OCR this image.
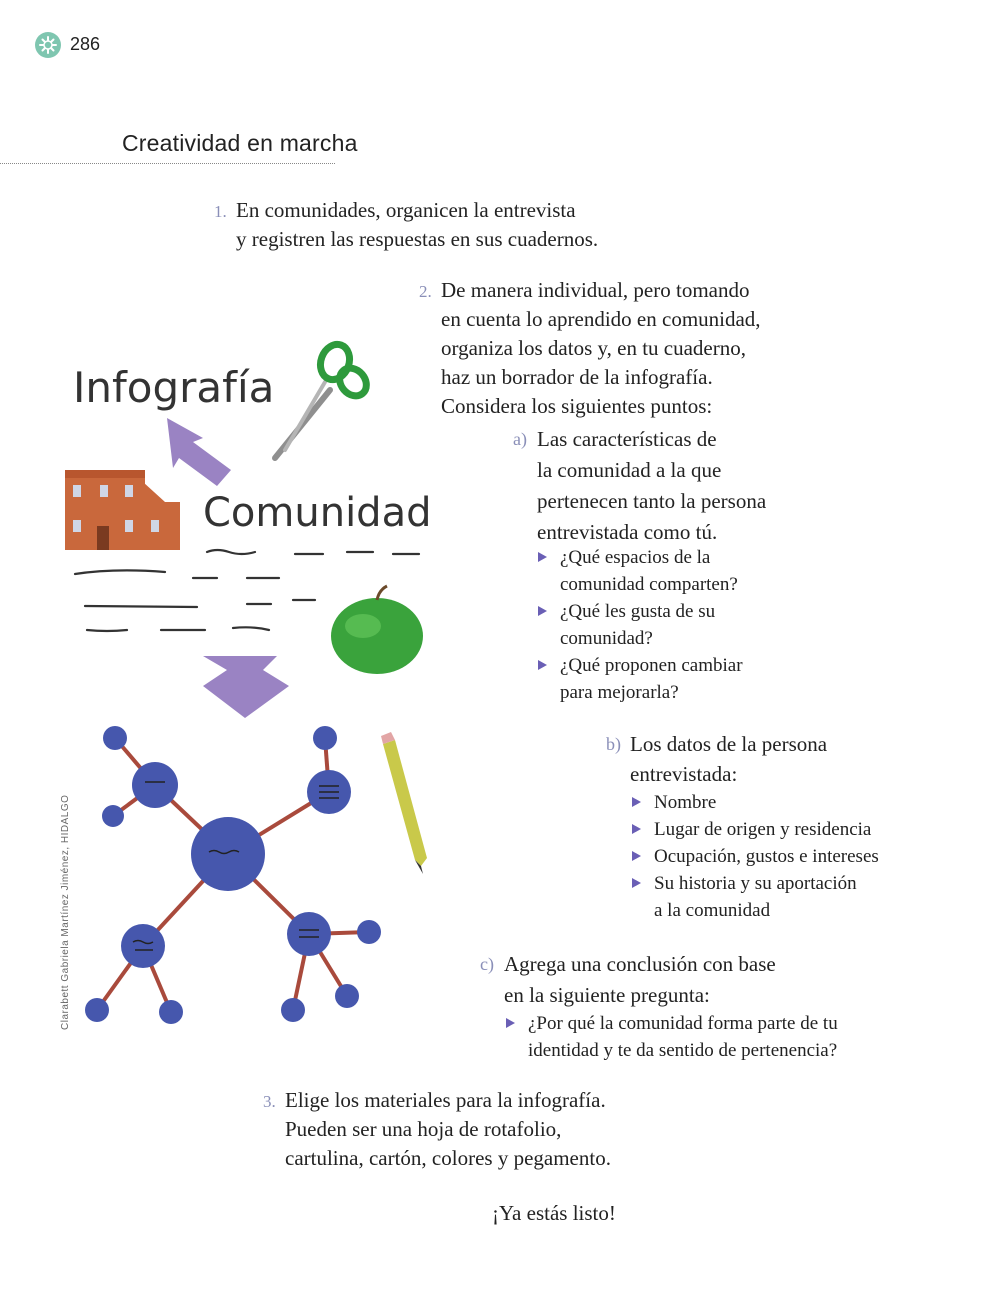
286
Creatividad en marcha
1. En comunidades, organicen la entrevista
y registren las respuestas en sus cuadernos.
2. De manera individual, pero tomando
en cuenta lo aprendido en comunidad,
organiza los datos y, en tu cuaderno,
haz un borrador de la infografía.
Considera los siguientes puntos:
a) Las características de
la comunidad a la que
pertenecen tanto la persona
entrevistada como tú.
¿Qué espacios de la
comunidad comparten?
¿Qué les gusta de su
comunidad?
¿Qué proponen cambiar
para mejorarla?
b) Los datos de la persona
entrevistada:
Nombre
Lugar de origen y residencia
Ocupación, gustos e intereses
Su historia y su aportación
a la comunidad
c) Agrega una conclusión con base
en la siguiente pregunta:
¿Por qué la comunidad forma parte de tu
identidad y te da sentido de pertenencia?
3. Elige los materiales para la infografía.
Pueden ser una hoja de rotafolio,
cartulina, cartón, colores y pegamento.
¡Ya estás listo!
Infografía
Comunidad
Clarabett Gabriela Martínez Jiménez, HIDALGO
